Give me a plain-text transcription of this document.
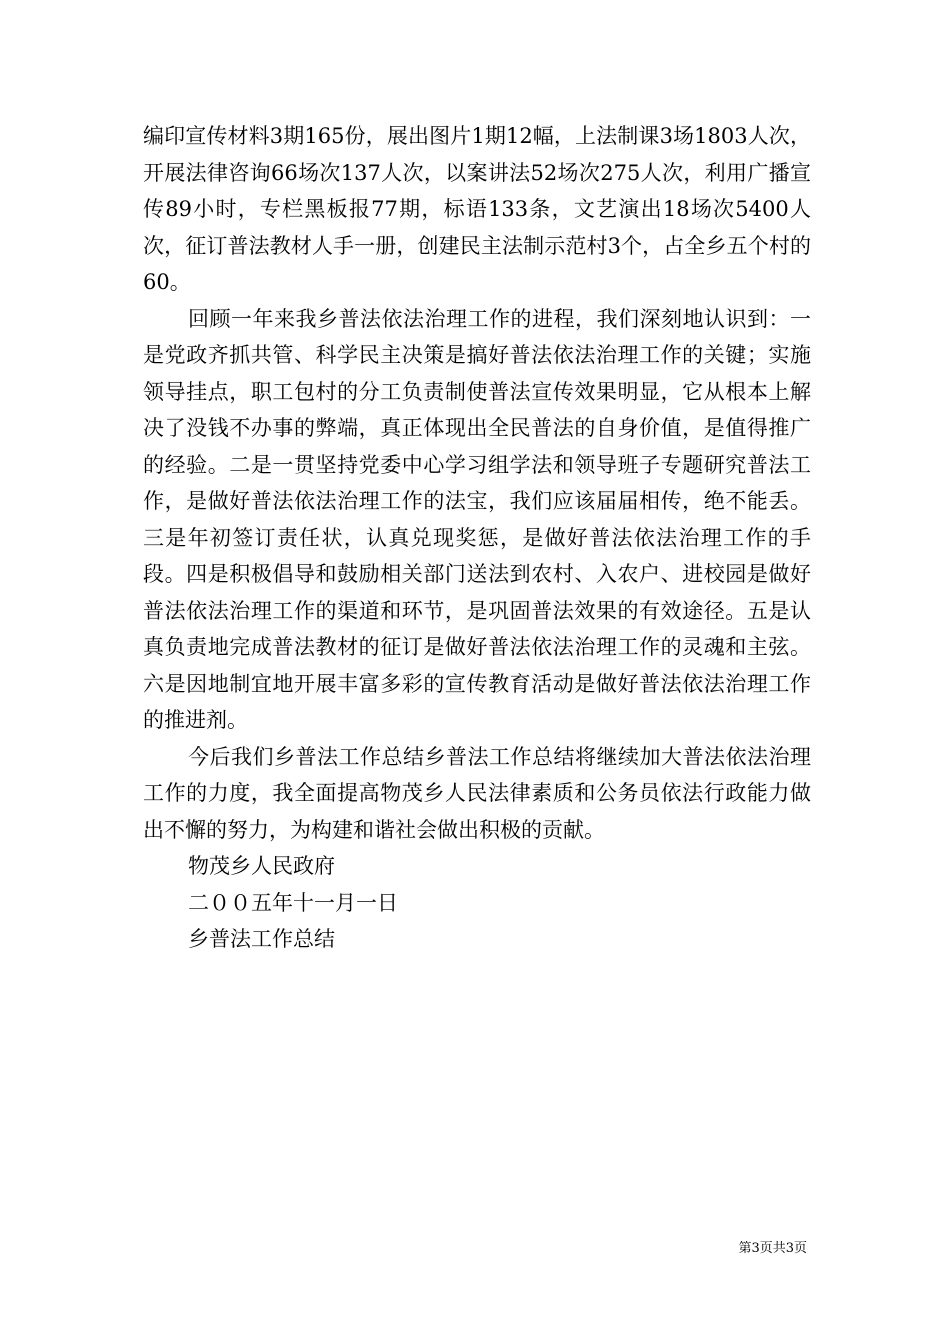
编印宣传材料3期165份，展出图片1期12幅，上法制课3场1803人次，开展法律咨询66场次137人次，以案讲法52场次275人次，利用广播宣传89小时，专栏黑板报77期，标语133条，文艺演出18场次5400人次，征订普法教材人手一册，创建民主法制示范村3个，占全乡五个村的60。

回顾一年来我乡普法依法治理工作的进程，我们深刻地认识到：一是党政齐抓共管、科学民主决策是搞好普法依法治理工作的关键；实施领导挂点，职工包村的分工负责制使普法宣传效果明显，它从根本上解决了没钱不办事的弊端，真正体现出全民普法的自身价值，是值得推广的经验。二是一贯坚持党委中心学习组学法和领导班子专题研究普法工作，是做好普法依法治理工作的法宝，我们应该届届相传，绝不能丢。三是年初签订责任状，认真兑现奖惩，是做好普法依法治理工作的手段。四是积极倡导和鼓励相关部门送法到农村、入农户、进校园是做好普法依法治理工作的渠道和环节，是巩固普法效果的有效途径。五是认真负责地完成普法教材的征订是做好普法依法治理工作的灵魂和主弦。六是因地制宜地开展丰富多彩的宣传教育活动是做好普法依法治理工作的推进剂。

今后我们乡普法工作总结乡普法工作总结将继续加大普法依法治理工作的力度，我全面提高物茂乡人民法律素质和公务员依法行政能力做出不懈的努力，为构建和谐社会做出积极的贡献。

物茂乡人民政府

二００五年十一月一日

乡普法工作总结

第3页共3页
